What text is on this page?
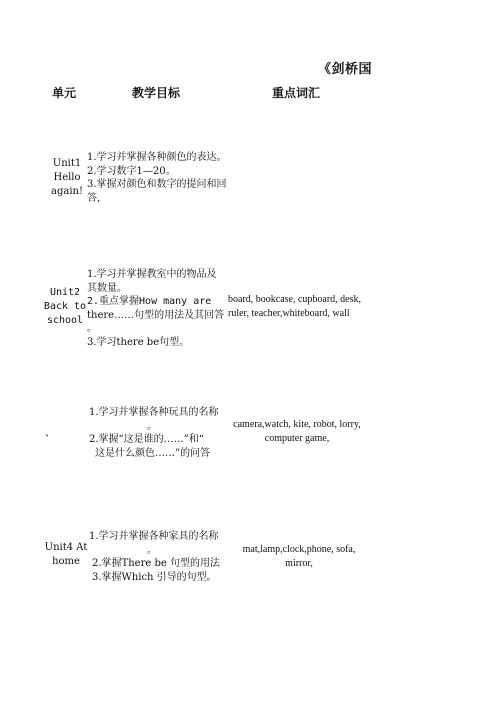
《剑桥国
单元	教学目标	重点词汇
Unit1
Hello
again!
1.学习并掌握各种颜色的表达。
2.学习数字1—20。
3.掌握对颜色和数字的提问和回
答，
Unit2
Back to
school
1.学习并掌握教室中的物品及
其数量。
2.重点掌握How many are
there……句型的用法及其回答
。
3.学习there be句型。
board, bookcase, cupboard, desk,
ruler, teacher,whiteboard, wall
、
1.学习并掌握各种玩具的名称
。
2.掌握“这是谁的……”和“
这是什么颜色……”的问答
camera,watch, kite, robot, lorry,
computer game,
Unit4 At
home
1.学习并掌握各种家具的名称
。
2.掌握There be 句型的用法
3.掌握Which 引导的句型。
mat,lamp,clock,phone, sofa,
mirror,
